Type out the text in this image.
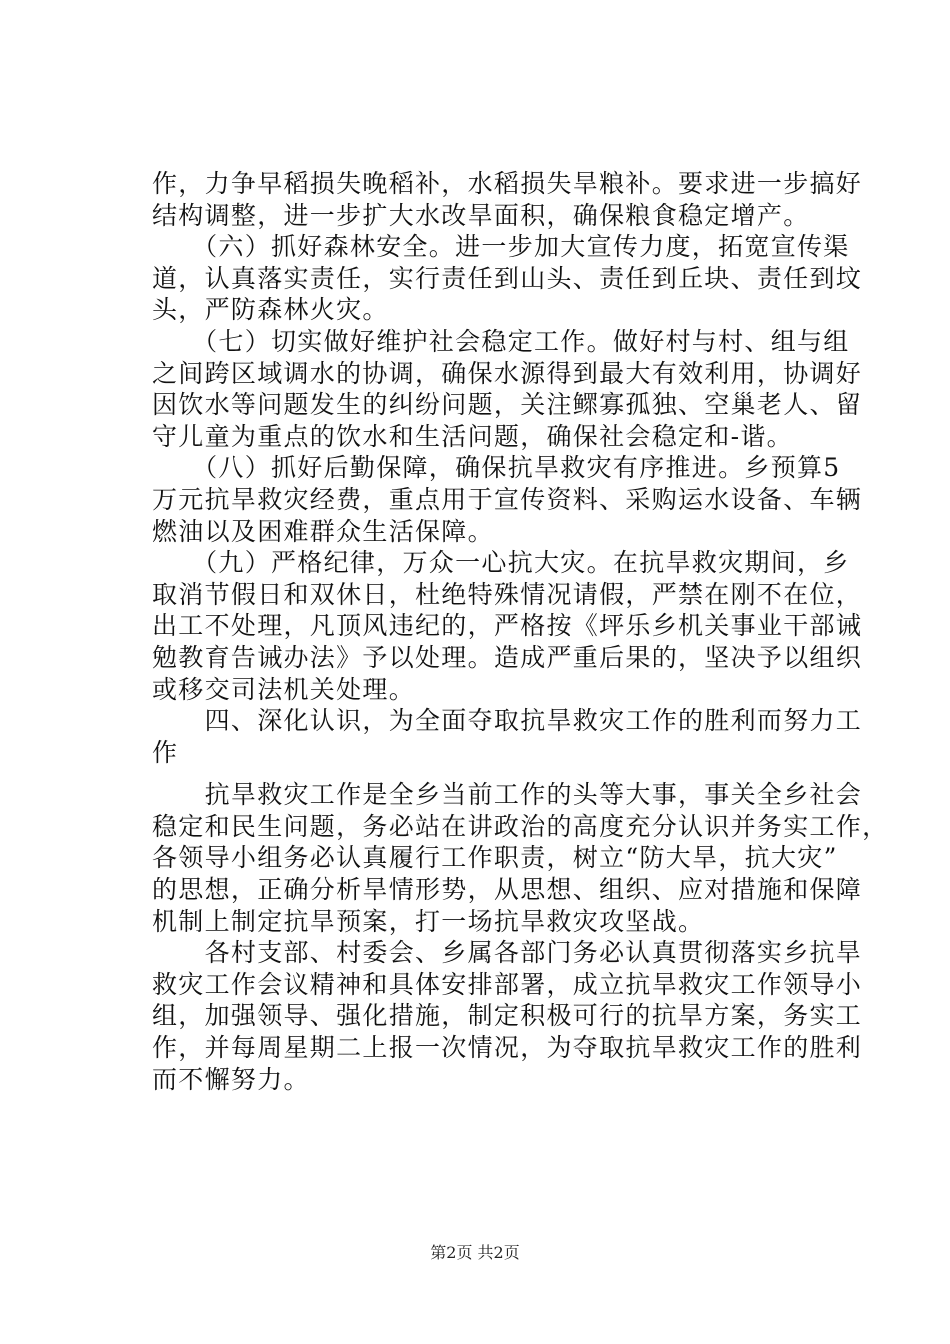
作，力争早稻损失晚稻补，水稻损失旱粮补。要求进一步搞好
结构调整，进一步扩大水改旱面积，确保粮食稳定增产。
　　（六）抓好森林安全。进一步加大宣传力度，拓宽宣传渠
道，认真落实责任，实行责任到山头、责任到丘块、责任到坟
头，严防森林火灾。
　　（七）切实做好维护社会稳定工作。做好村与村、组与组
之间跨区域调水的协调，确保水源得到最大有效利用，协调好
因饮水等问题发生的纠纷问题，关注鳏寡孤独、空巢老人、留
守儿童为重点的饮水和生活问题，确保社会稳定和-谐。
　　（八）抓好后勤保障，确保抗旱救灾有序推进。乡预算5
万元抗旱救灾经费，重点用于宣传资料、采购运水设备、车辆
燃油以及困难群众生活保障。
　　（九）严格纪律，万众一心抗大灾。在抗旱救灾期间，乡
取消节假日和双休日，杜绝特殊情况请假，严禁在刚不在位，
出工不处理，凡顶风违纪的，严格按《坪乐乡机关事业干部诫
勉教育告诫办法》予以处理。造成严重后果的，坚决予以组织
或移交司法机关处理。
　　四、深化认识，为全面夺取抗旱救灾工作的胜利而努力工
作
　　抗旱救灾工作是全乡当前工作的头等大事，事关全乡社会
稳定和民生问题，务必站在讲政治的高度充分认识并务实工作，
各领导小组务必认真履行工作职责，树立“防大旱，抗大灾”
的思想，正确分析旱情形势，从思想、组织、应对措施和保障
机制上制定抗旱预案，打一场抗旱救灾攻坚战。
　　各村支部、村委会、乡属各部门务必认真贯彻落实乡抗旱
救灾工作会议精神和具体安排部署，成立抗旱救灾工作领导小
组，加强领导、强化措施，制定积极可行的抗旱方案，务实工
作，并每周星期二上报一次情况，为夺取抗旱救灾工作的胜利
而不懈努力。
第2页 共2页
